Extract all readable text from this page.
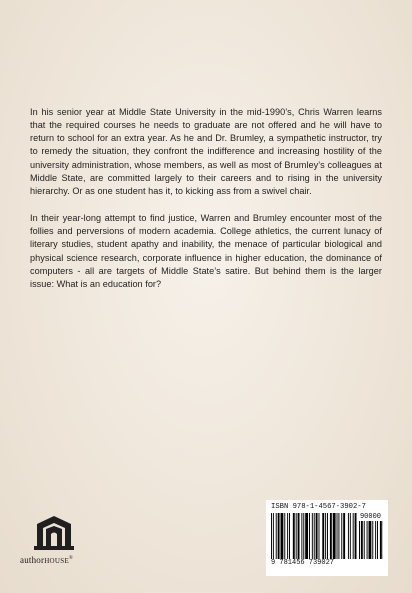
In his senior year at Middle State University in the mid-1990’s, Chris Warren learns that the required courses he needs to graduate are not offered and he will have to return to school for an extra year. As he and Dr. Brumley, a sympathetic instructor, try to remedy the situation, they confront the indifference and increasing hostility of the university administration, whose members, as well as most of Brumley’s colleagues at Middle State, are committed largely to their careers and to rising in the university hierarchy. Or as one student has it, to kicking ass from a swivel chair.

In their year-long attempt to find justice, Warren and Brumley encounter most of the follies and perversions of modern academia. College athletics, the current lunacy of literary studies, student apathy and inability, the menace of particular biological and physical science research, corporate influence in higher education, the dominance of computers - all are targets of Middle State’s satire. But behind them is the larger issue: What is an education for?

authorHOUSE®
ISBN 978-1-4567-3902-7
90000
9 781456 739027
